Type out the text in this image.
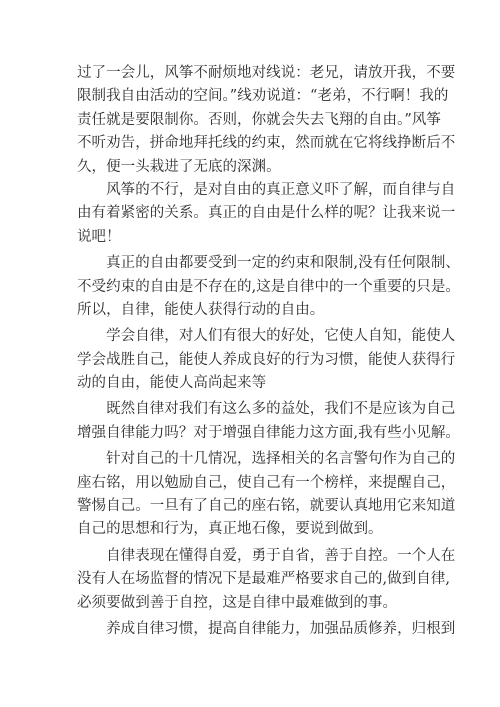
过了一会儿，风筝不耐烦地对线说：老兄，请放开我，不要
限制我自由活动的空间。”线劝说道：“老弟，不行啊！我的
责任就是要限制你。否则，你就会失去飞翔的自由。”风筝
不听劝告，拼命地拜托线的约束，然而就在它将线挣断后不
久，便一头栽进了无底的深渊。

　　风筝的不行，是对自由的真正意义吓了解，而自律与自
由有着紧密的关系。真正的自由是什么样的呢？让我来说一
说吧！

　　真正的自由都要受到一定的约束和限制,没有任何限制、
不受约束的自由是不存在的,这是自律中的一个重要的只是。
所以，自律，能使人获得行动的自由。

　　学会自律，对人们有很大的好处，它使人自知，能使人
学会战胜自己，能使人养成良好的行为习惯，能使人获得行
动的自由，能使人高尚起来等

　　既然自律对我们有这么多的益处，我们不是应该为自己
增强自律能力吗？对于增强自律能力这方面,我有些小见解。

　　针对自己的十几情况，选择相关的名言警句作为自己的
座右铭，用以勉励自己，使自己有一个榜样，来提醒自己，
警惕自己。一旦有了自己的座右铭，就要认真地用它来知道
自己的思想和行为，真正地石像，要说到做到。

　　自律表现在懂得自爱，勇于自省，善于自控。一个人在
没有人在场监督的情况下是最难严格要求自己的,做到自律,
必须要做到善于自控，这是自律中最难做到的事。

　　养成自律习惯，提高自律能力，加强品质修养，归根到
